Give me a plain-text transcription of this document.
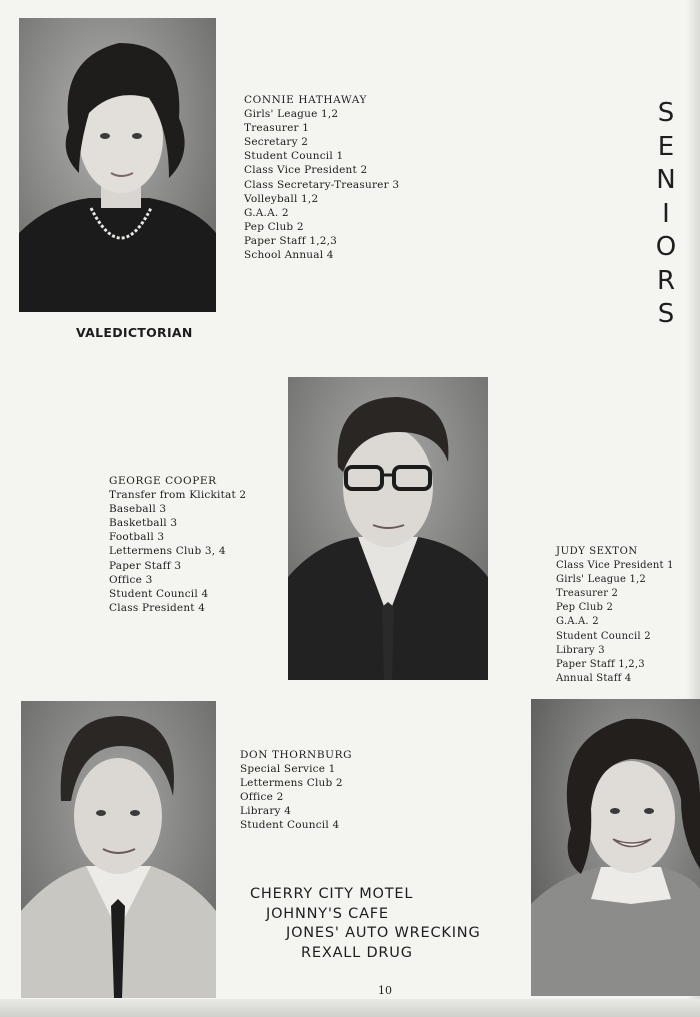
CONNIE HATHAWAY
Girls' League 1,2
Treasurer 1
Secretary 2
Student Council 1
Class Vice President 2
Class Secretary-Treasurer 3
Volleyball 1,2
G.A.A. 2
Pep Club 2
Paper Staff 1,2,3
School Annual 4
VALEDICTORIAN
S
E
N
I
O
R
S
GEORGE COOPER
Transfer from Klickitat 2
Baseball 3
Basketball 3
Football 3
Lettermens Club 3, 4
Paper Staff 3
Office 3
Student Council 4
Class President 4
JUDY SEXTON
Class Vice President 1
Girls' League 1,2
Treasurer 2
Pep Club 2
G.A.A. 2
Student Council 2
Library 3
Paper Staff 1,2,3
Annual Staff 4
DON THORNBURG
Special Service 1
Lettermens Club 2
Office 2
Library 4
Student Council 4
CHERRY CITY MOTEL
JOHNNY'S CAFE
JONES' AUTO WRECKING
REXALL DRUG
10
